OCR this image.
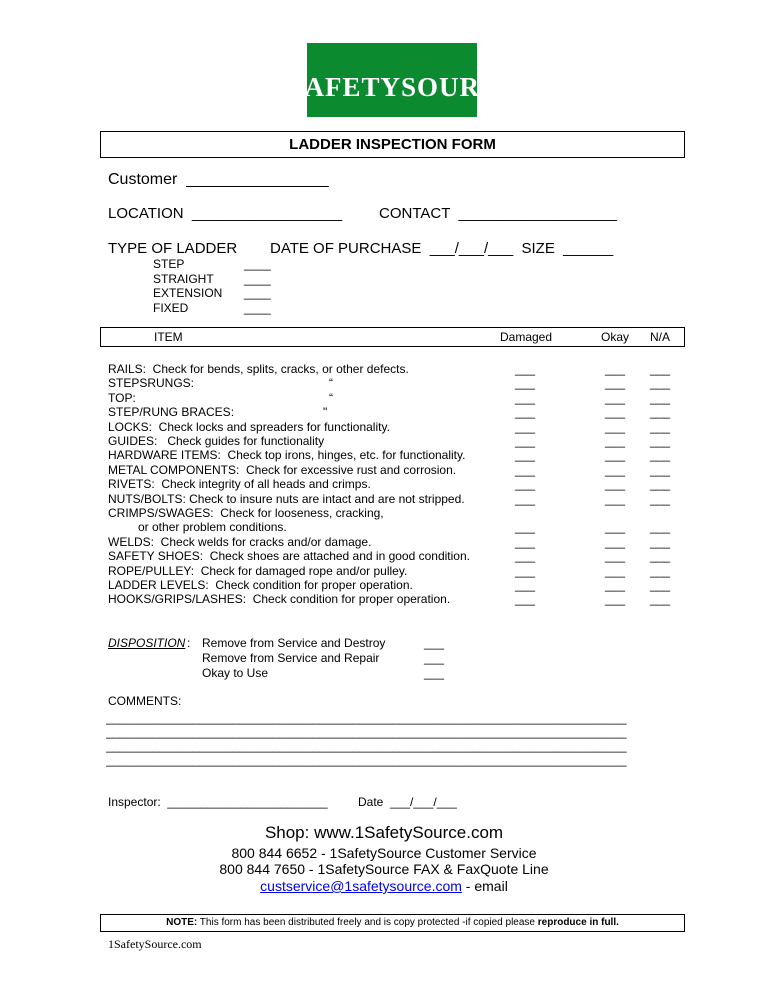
1SAFETYSOURCE
LADDER INSPECTION FORM
Customer  ________________
LOCATION  __________________ CONTACT  ___________________
TYPE OF LADDER DATE OF PURCHASE  ___/___/___  SIZE  ______
STEP	____
STRAIGHT	____
EXTENSION ____
FIXED	____
ITEM	Damaged	Okay N/A
RAILS:  Check for bends, splits, cracks, or other defects.	___	___ ___
STEPSRUNGS:	“	___	___ ___
TOP:	“	___	___ ___
STEP/RUNG BRACES:	"	___	___ ___
LOCKS:  Check locks and spreaders for functionality.	___	___ ___
GUIDES:   Check guides for functionality	___	___ ___
HARDWARE ITEMS:  Check top irons, hinges, etc. for functionality.	___	___ ___
METAL COMPONENTS:  Check for excessive rust and corrosion.	___	___ ___
RIVETS:  Check integrity of all heads and crimps.	___	___ ___
NUTS/BOLTS: Check to insure nuts are intact and are not stripped.	___	___ ___
CRIMPS/SWAGES:  Check for looseness, cracking,
or other problem conditions.	___	___ ___
WELDS:  Check welds for cracks and/or damage.	___	___ ___
SAFETY SHOES:  Check shoes are attached and in good condition.	___	___ ___
ROPE/PULLEY:  Check for damaged rope and/or pulley.	___	___ ___
LADDER LEVELS:  Check condition for proper operation.	___	___ ___
HOOKS/GRIPS/LASHES:  Check condition for proper operation.	___	___ ___
DISPOSITION : Remove from Service and Destroy	___
Remove from Service and Repair	___
Okay to Use	___
COMMENTS:
______________________________________________________________________________
______________________________________________________________________________
______________________________________________________________________________
______________________________________________________________________________
Inspector:  ________________________	Date  ___/___/___
Shop: www.1SafetySource.com
800 844 6652 - 1SafetySource Customer Service
800 844 7650 - 1SafetySource FAX & FaxQuote Line
custservice@1safetysource.com - email
NOTE: This form has been distributed freely and is copy protected -if copied please reproduce in full.
1SafetySource.com
